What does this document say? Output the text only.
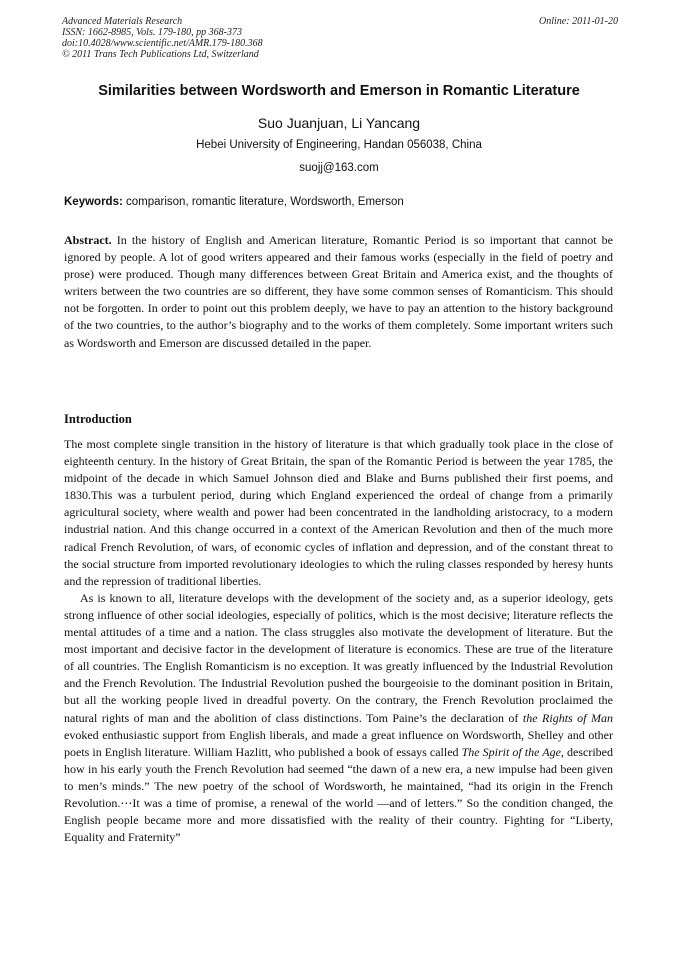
Advanced Materials Research
ISSN: 1662-8985, Vols. 179-180, pp 368-373
doi:10.4028/www.scientific.net/AMR.179-180.368
© 2011 Trans Tech Publications Ltd, Switzerland
Online: 2011-01-20
Similarities between Wordsworth and Emerson in Romantic Literature
Suo Juanjuan, Li Yancang
Hebei University of Engineering, Handan 056038, China
suojj@163.com
Keywords: comparison, romantic literature, Wordsworth, Emerson
Abstract. In the history of English and American literature, Romantic Period is so important that cannot be ignored by people. A lot of good writers appeared and their famous works (especially in the field of poetry and prose) were produced. Though many differences between Great Britain and America exist, and the thoughts of writers between the two countries are so different, they have some common senses of Romanticism. This should not be forgotten. In order to point out this problem deeply, we have to pay an attention to the history background of the two countries, to the author’s biography and to the works of them completely. Some important writers such as Wordsworth and Emerson are discussed detailed in the paper.
Introduction

The most complete single transition in the history of literature is that which gradually took place in the close of eighteenth century. In the history of Great Britain, the span of the Romantic Period is between the year 1785, the midpoint of the decade in which Samuel Johnson died and Blake and Burns published their first poems, and 1830.This was a turbulent period, during which England experienced the ordeal of change from a primarily agricultural society, where wealth and power had been concentrated in the landholding aristocracy, to a modern industrial nation. And this change occurred in a context of the American Revolution and then of the much more radical French Revolution, of wars, of economic cycles of inflation and depression, and of the constant threat to the social structure from imported revolutionary ideologies to which the ruling classes responded by heresy hunts and the repression of traditional liberties.

As is known to all, literature develops with the development of the society and, as a superior ideology, gets strong influence of other social ideologies, especially of politics, which is the most decisive; literature reflects the mental attitudes of a time and a nation. The class struggles also motivate the development of literature. But the most important and decisive factor in the development of literature is economics. These are true of the literature of all countries. The English Romanticism is no exception. It was greatly influenced by the Industrial Revolution and the French Revolution. The Industrial Revolution pushed the bourgeoisie to the dominant position in Britain, but all the working people lived in dreadful poverty. On the contrary, the French Revolution proclaimed the natural rights of man and the abolition of class distinctions. Tom Paine’s the declaration of the Rights of Man evoked enthusiastic support from English liberals, and made a great influence on Wordsworth, Shelley and other poets in English literature. William Hazlitt, who published a book of essays called The Spirit of the Age, described how in his early youth the French Revolution had seemed “the dawn of a new era, a new impulse had been given to men’s minds.” The new poetry of the school of Wordsworth, he maintained, “had its origin in the French Revolution.⋯It was a time of promise, a renewal of the world —and of letters.” So the condition changed, the English people became more and more dissatisfied with the reality of their country. Fighting for “Liberty, Equality and Fraternity”
